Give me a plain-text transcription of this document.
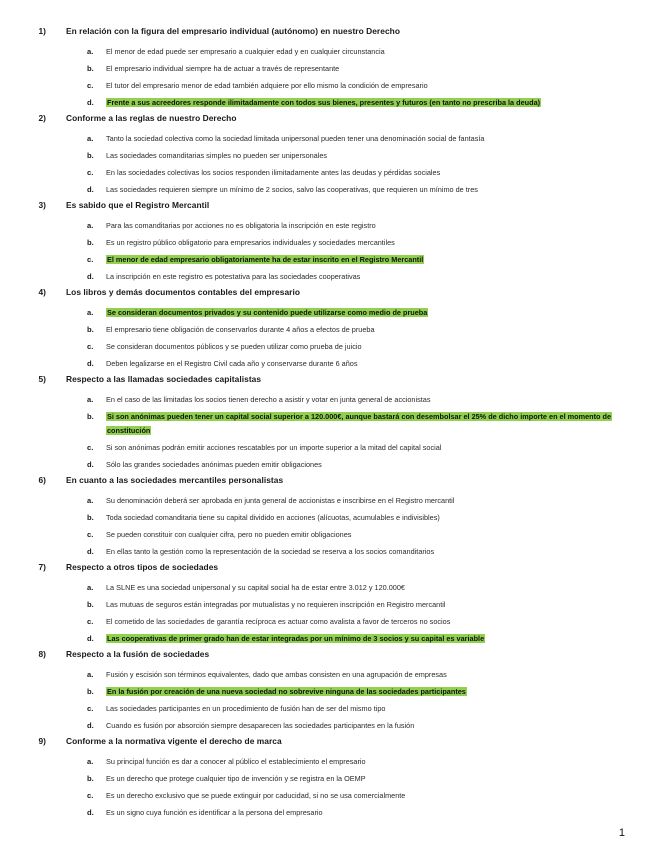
1) En relación con la figura del empresario individual (autónomo) en nuestro Derecho
a.	El menor de edad puede ser empresario a cualquier edad y en cualquier circunstancia
b.	El empresario individual siempre ha de actuar a través de representante
c.	El tutor del empresario menor de edad también adquiere por ello mismo la condición de empresario
d.	Frente a sus acreedores responde ilimitadamente con todos sus bienes, presentes y futuros (en tanto no prescriba la deuda)
2) Conforme a las reglas de nuestro Derecho
a.	Tanto la sociedad colectiva como la sociedad limitada unipersonal pueden tener una denominación social de fantasía
b.	Las sociedades comanditarias simples no pueden ser unipersonales
c.	En las sociedades colectivas los socios responden ilimitadamente antes las deudas y pérdidas sociales
d.	Las sociedades requieren siempre un mínimo de 2 socios, salvo las cooperativas, que requieren un mínimo de tres
3) Es sabido que el Registro Mercantil
a.	Para las comanditarias por acciones no es obligatoria la inscripción en este registro
b.	Es un registro público obligatorio para empresarios individuales y sociedades mercantiles
c.	El menor de edad empresario obligatoriamente ha de estar inscrito en el Registro Mercantil
d.	La inscripción en este registro es potestativa para las sociedades cooperativas
4) Los libros y demás documentos contables del empresario
a.	Se consideran documentos privados y su contenido puede utilizarse como medio de prueba
b.	El empresario tiene obligación de conservarlos durante 4 años a efectos de prueba
c.	Se consideran documentos públicos y se pueden utilizar como prueba de juicio
d.	Deben legalizarse en el Registro Civil cada año y conservarse durante 6 años
5) Respecto a las llamadas sociedades capitalistas
a.	En el caso de las limitadas los socios tienen derecho a asistir y votar en junta general de accionistas
b.	Si son anónimas pueden tener un capital social superior a 120.000€, aunque bastará con desembolsar el 25% de dicho importe en el momento de constitución
c.	Si son anónimas podrán emitir acciones rescatables por un importe superior a la mitad del capital social
d.	Sólo las grandes sociedades anónimas pueden emitir obligaciones
6) En cuanto a las sociedades mercantiles personalistas
a.	Su denominación deberá ser aprobada en junta general de accionistas e inscribirse en el Registro mercantil
b.	Toda sociedad comanditaria tiene su capital dividido en acciones (alícuotas, acumulables e indivisibles)
c.	Se pueden constituir con cualquier cifra, pero no pueden emitir obligaciones
d.	En ellas tanto la gestión como la representación de la sociedad se reserva a los socios comanditarios
7) Respecto a otros tipos de sociedades
a.	La SLNE es una sociedad unipersonal y su capital social ha de estar entre 3.012 y 120.000€
b.	Las mutuas de seguros están integradas por mutualistas y no requieren inscripción en Registro mercantil
c.	El cometido de las sociedades de garantía recíproca es actuar como avalista a favor de terceros no socios
d.	Las cooperativas de primer grado han de estar integradas por un mínimo de 3 socios y su capital es variable
8) Respecto a la fusión de sociedades
a.	Fusión y escisión son términos equivalentes, dado que ambas consisten en una agrupación de empresas
b.	En la fusión por creación de una nueva sociedad no sobrevive ninguna de las sociedades participantes
c.	Las sociedades participantes en un procedimiento de fusión han de ser del mismo tipo
d.	Cuando es fusión por absorción siempre desaparecen las sociedades participantes en la fusión
9) Conforme a la normativa vigente el derecho de marca
a.	Su principal función es dar a conocer al público el establecimiento el empresario
b.	Es un derecho que protege cualquier tipo de invención y se registra en la OEMP
c.	Es un derecho exclusivo que se puede extinguir por caducidad, si no se usa comercialmente
d.	Es un signo cuya función es identificar a la persona del empresario
1
